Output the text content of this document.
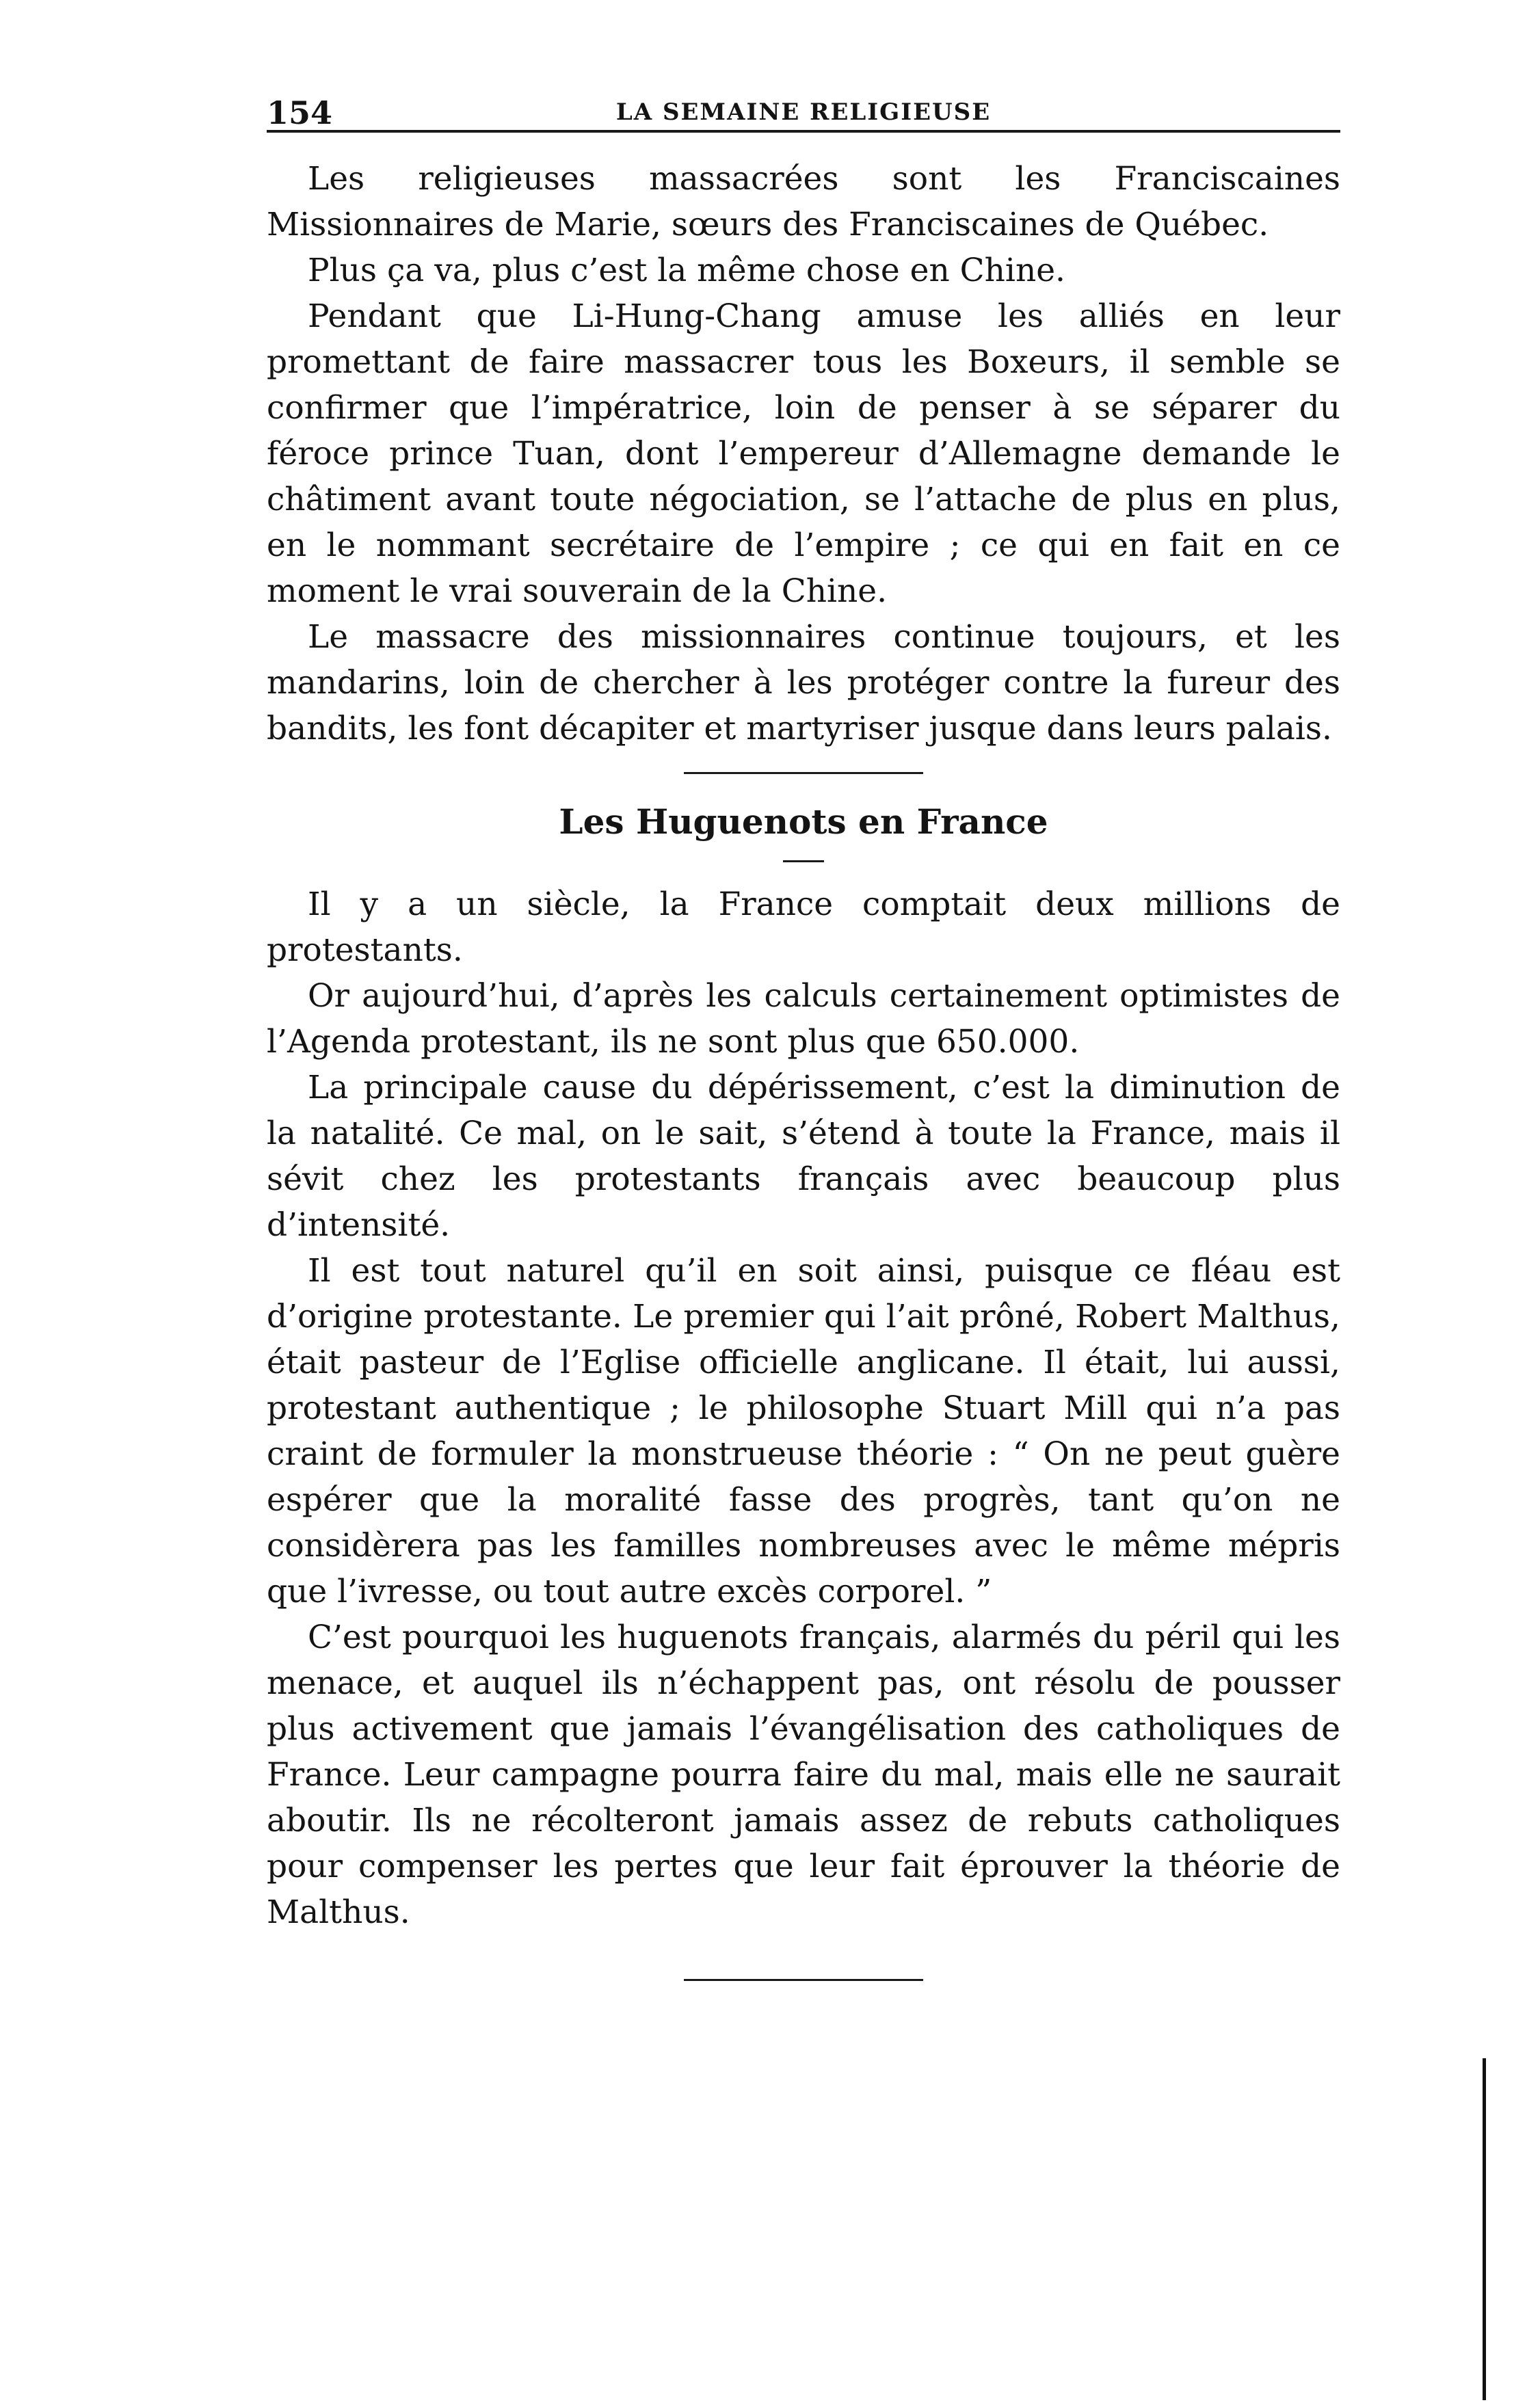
154	LA SEMAINE RELIGIEUSE

Les religieuses massacrées sont les Franciscaines Missionnaires de Marie, sœurs des Franciscaines de Québec.

Plus ça va, plus c’est la même chose en Chine.

Pendant que Li-Hung-Chang amuse les alliés en leur promettant de faire massacrer tous les Boxeurs, il semble se confirmer que l’impératrice, loin de penser à se séparer du féroce prince Tuan, dont l’empereur d’Allemagne demande le châtiment avant toute négociation, se l’attache de plus en plus, en le nommant secrétaire de l’empire ; ce qui en fait en ce moment le vrai souverain de la Chine.

Le massacre des missionnaires continue toujours, et les mandarins, loin de chercher à les protéger contre la fureur des bandits, les font décapiter et martyriser jusque dans leurs palais.

Les Huguenots en France

Il y a un siècle, la France comptait deux millions de protestants.

Or aujourd’hui, d’après les calculs certainement optimistes de l’Agenda protestant, ils ne sont plus que 650.000.

La principale cause du dépérissement, c’est la diminution de la natalité. Ce mal, on le sait, s’étend à toute la France, mais il sévit chez les protestants français avec beaucoup plus d’intensité.

Il est tout naturel qu’il en soit ainsi, puisque ce fléau est d’origine protestante. Le premier qui l’ait prôné, Robert Malthus, était pasteur de l’Eglise officielle anglicane. Il était, lui aussi, protestant authentique ; le philosophe Stuart Mill qui n’a pas craint de formuler la monstrueuse théorie : “ On ne peut guère espérer que la moralité fasse des progrès, tant qu’on ne considèrera pas les familles nombreuses avec le même mépris que l’ivresse, ou tout autre excès corporel. ”

C’est pourquoi les huguenots français, alarmés du péril qui les menace, et auquel ils n’échappent pas, ont résolu de pousser plus activement que jamais l’évangélisation des catholiques de France. Leur campagne pourra faire du mal, mais elle ne saurait aboutir. Ils ne récolteront jamais assez de rebuts catholiques pour compenser les pertes que leur fait éprouver la théorie de Malthus.
